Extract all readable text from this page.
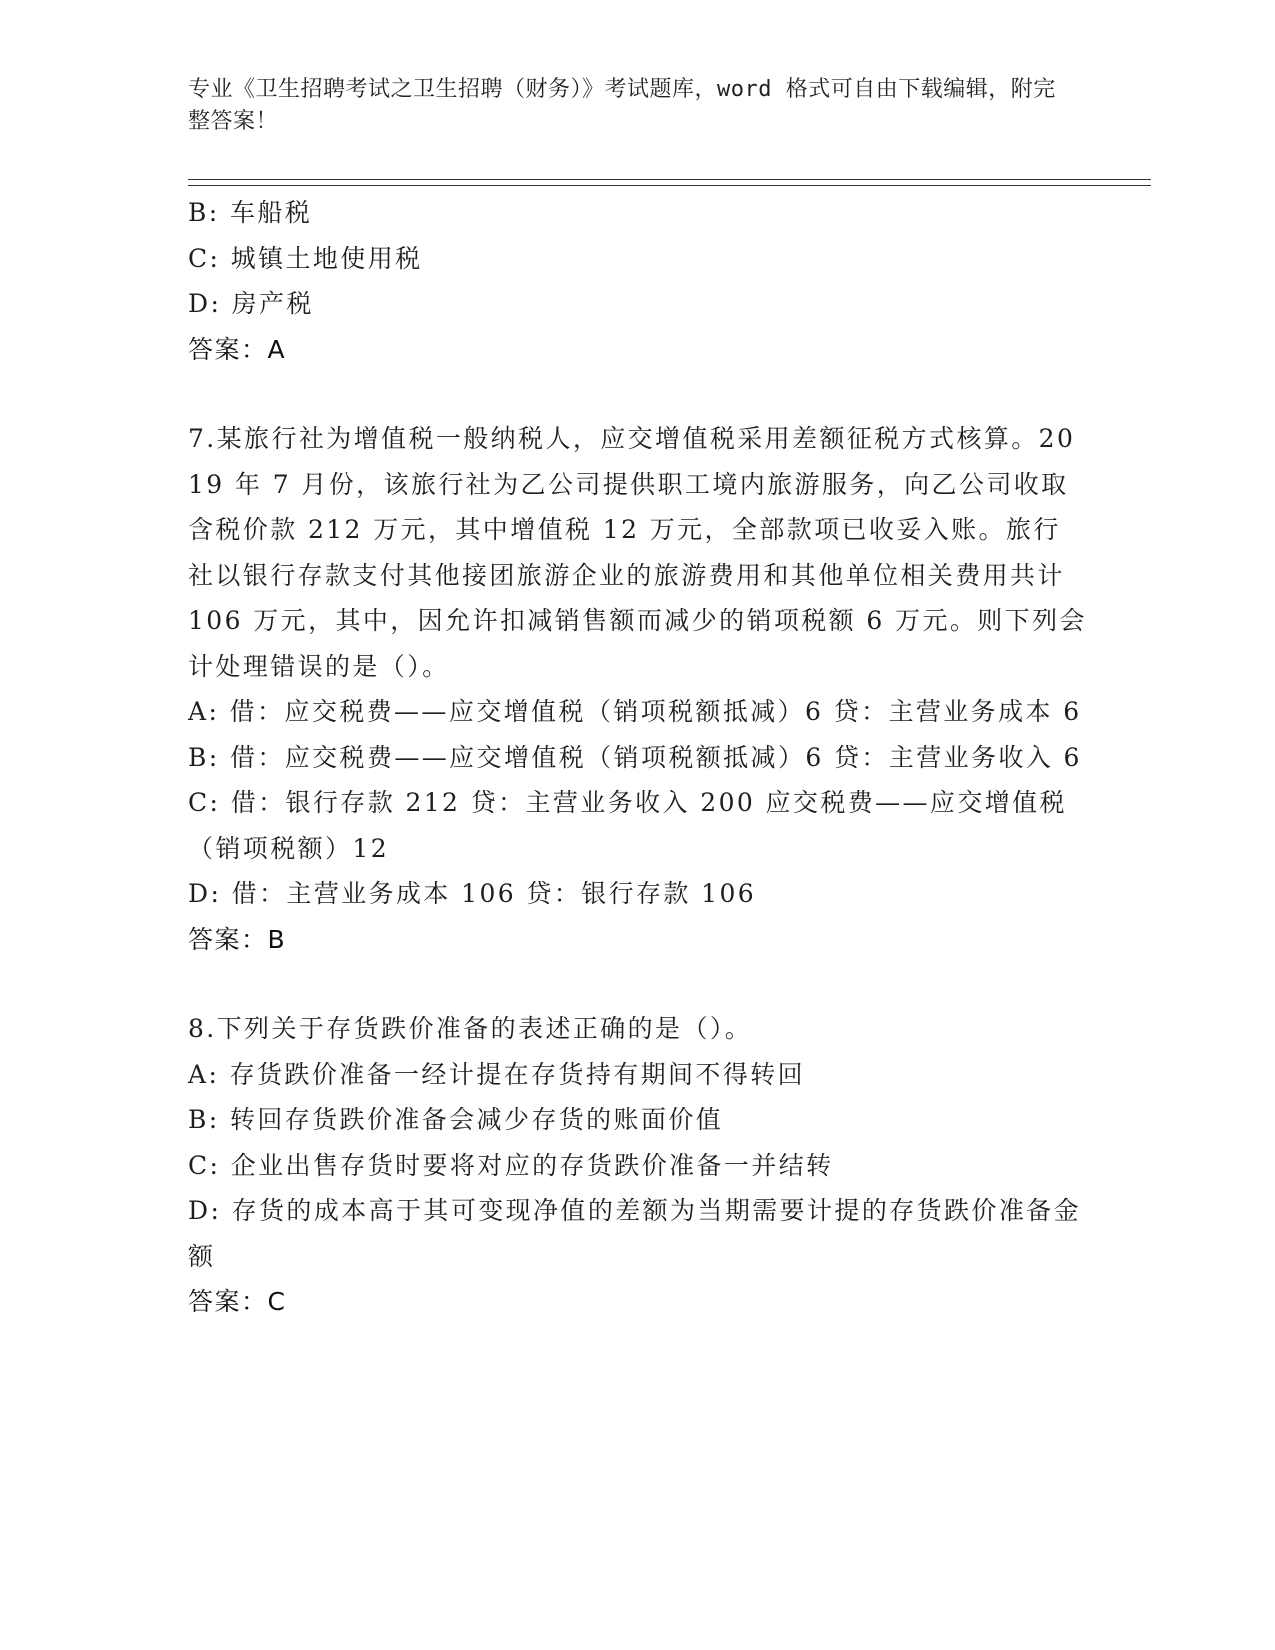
专业《卫生招聘考试之卫生招聘（财务）》考试题库，word 格式可自由下载编辑，附完整答案！
B: 车船税
C: 城镇土地使用税
D: 房产税
答案：A
7.某旅行社为增值税一般纳税人，应交增值税采用差额征税方式核算。2019 年 7 月份，该旅行社为乙公司提供职工境内旅游服务，向乙公司收取含税价款 212 万元，其中增值税 12 万元，全部款项已收妥入账。旅行社以银行存款支付其他接团旅游企业的旅游费用和其他单位相关费用共计 106 万元，其中，因允许扣减销售额而减少的销项税额 6 万元。则下列会计处理错误的是（）。
A: 借：应交税费——应交增值税（销项税额抵减）6 贷：主营业务成本 6
B: 借：应交税费——应交增值税（销项税额抵减）6 贷：主营业务收入 6
C: 借：银行存款 212 贷：主营业务收入 200 应交税费——应交增值税（销项税额）12
D: 借：主营业务成本 106 贷：银行存款 106
答案：B
8.下列关于存货跌价准备的表述正确的是（）。
A: 存货跌价准备一经计提在存货持有期间不得转回
B: 转回存货跌价准备会减少存货的账面价值
C: 企业出售存货时要将对应的存货跌价准备一并结转
D: 存货的成本高于其可变现净值的差额为当期需要计提的存货跌价准备金额
答案：C
